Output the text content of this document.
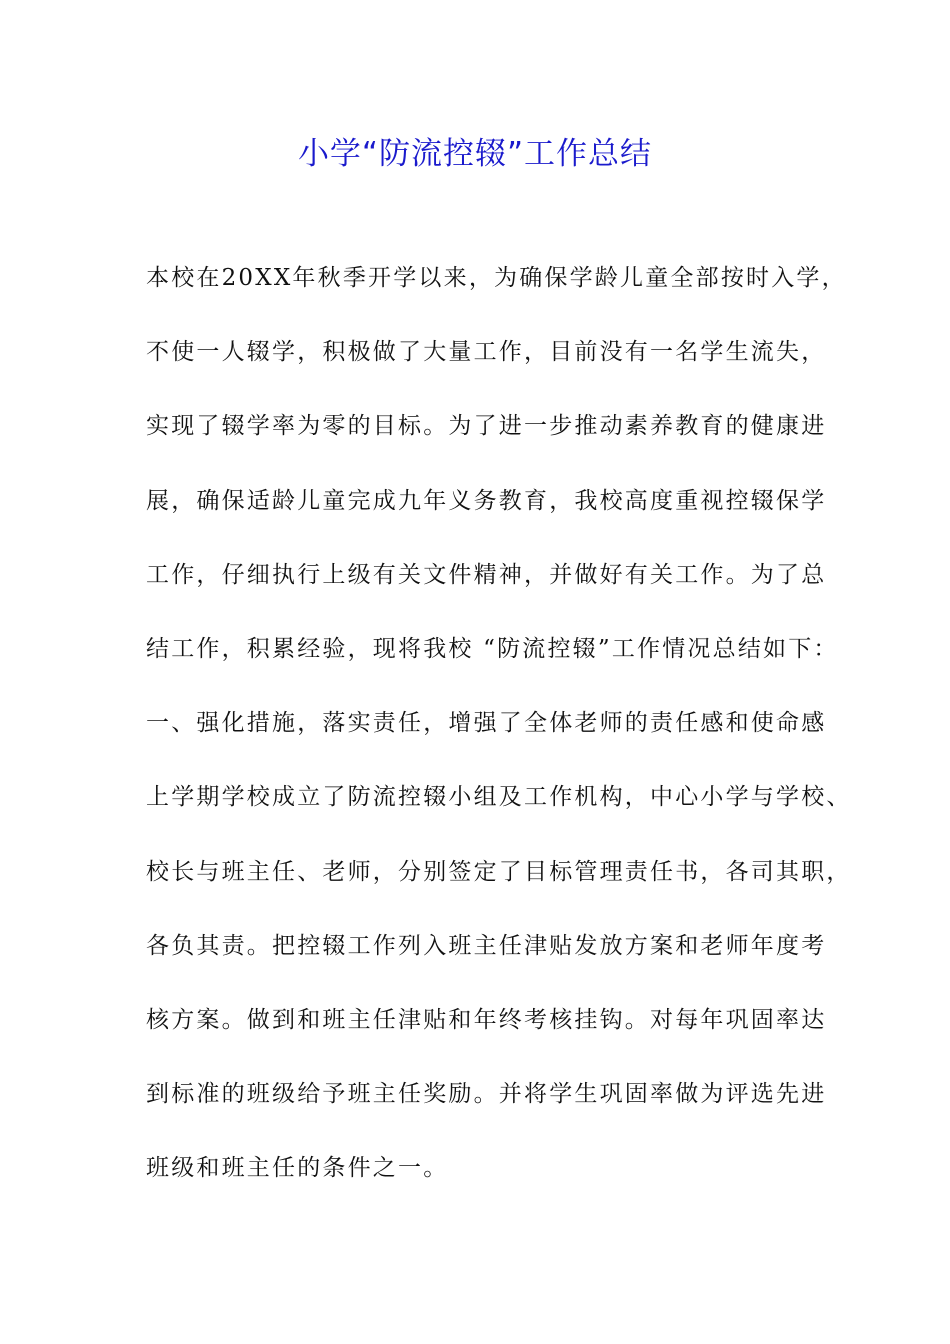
小学“防流控辍”工作总结
本校在20XX年秋季开学以来，为确保学龄儿童全部按时入学，
不使一人辍学，积极做了大量工作，目前没有一名学生流失，
实现了辍学率为零的目标。为了进一步推动素养教育的健康进
展，确保适龄儿童完成九年义务教育，我校高度重视控辍保学
工作，仔细执行上级有关文件精神，并做好有关工作。为了总
结工作，积累经验，现将我校 “防流控辍”工作情况总结如下：
一、强化措施，落实责任，增强了全体老师的责任感和使命感
上学期学校成立了防流控辍小组及工作机构，中心小学与学校、
校长与班主任、老师，分别签定了目标管理责任书，各司其职，
各负其责。把控辍工作列入班主任津贴发放方案和老师年度考
核方案。做到和班主任津贴和年终考核挂钩。对每年巩固率达
到标准的班级给予班主任奖励。并将学生巩固率做为评选先进
班级和班主任的条件之一。
